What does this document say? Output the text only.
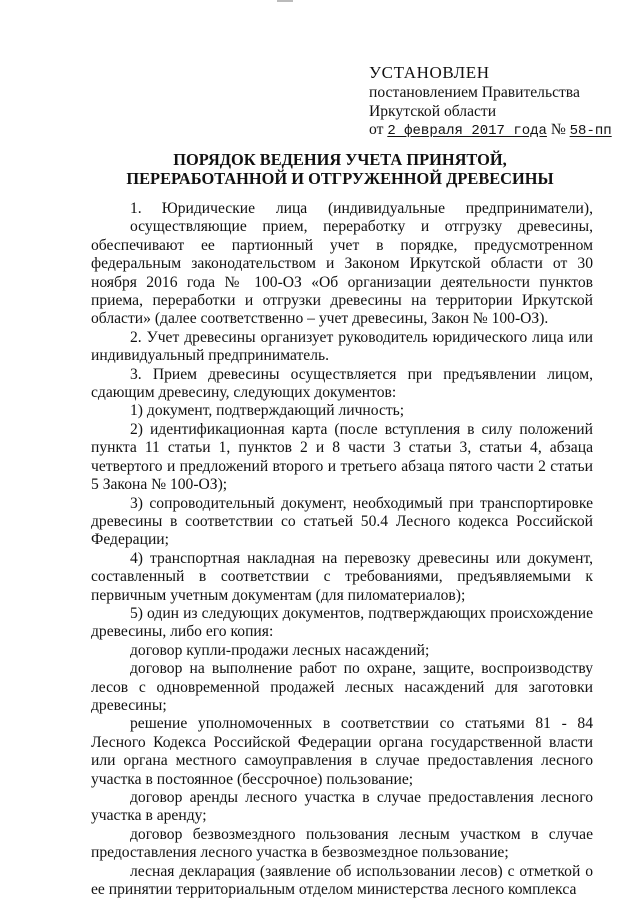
УСТАНОВЛЕН
постановлением Правительства
Иркутской области
от 2 февраля 2017 года № 58-пп
ПОРЯДОК ВЕДЕНИЯ УЧЕТА ПРИНЯТОЙ,
ПЕРЕРАБОТАННОЙ И ОТГРУЖЕННОЙ ДРЕВЕСИНЫ
1. Юридические лица (индивидуальные предприниматели),
осуществляющие прием, переработку и отгрузку древесины, обеспечивают ее партионный учет в порядке, предусмотренном федеральным законодательством и Законом Иркутской области от 30 ноября 2016 года № 100-ОЗ «Об организации деятельности пунктов приема, переработки и отгрузки древесины на территории Иркутской области» (далее соответственно – учет древесины, Закон № 100-ОЗ).
2. Учет древесины организует руководитель юридического лица или индивидуальный предприниматель.
3. Прием древесины осуществляется при предъявлении лицом, сдающим древесину, следующих документов:
1) документ, подтверждающий личность;
2) идентификационная карта (после вступления в силу положений пункта 11 статьи 1, пунктов 2 и 8 части 3 статьи 3, статьи 4, абзаца четвертого и предложений второго и третьего абзаца пятого части 2 статьи 5 Закона № 100-ОЗ);
3) сопроводительный документ, необходимый при транспортировке древесины в соответствии со статьей 50.4 Лесного кодекса Российской Федерации;
4) транспортная накладная на перевозку древесины или документ, составленный в соответствии с требованиями, предъявляемыми к первичным учетным документам (для пиломатериалов);
5) один из следующих документов, подтверждающих происхождение древесины, либо его копия:
договор купли-продажи лесных насаждений;
договор на выполнение работ по охране, защите, воспроизводству лесов с одновременной продажей лесных насаждений для заготовки древесины;
решение уполномоченных в соответствии со статьями 81 - 84 Лесного Кодекса Российской Федерации органа государственной власти или органа местного самоуправления в случае предоставления лесного участка в постоянное (бессрочное) пользование;
договор аренды лесного участка в случае предоставления лесного участка в аренду;
договор безвозмездного пользования лесным участком в случае предоставления лесного участка в безвозмездное пользование;
лесная декларация (заявление об использовании лесов) с отметкой о ее принятии территориальным отделом министерства лесного комплекса
